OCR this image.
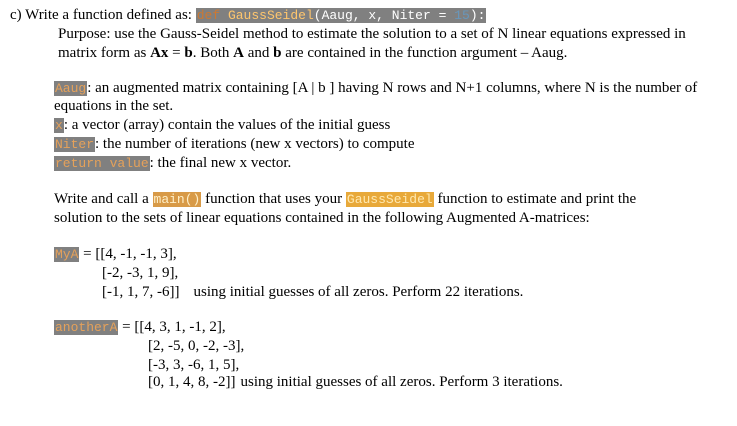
c) Write a function defined as: def GaussSeidel(Aaug, x, Niter = 15):
Purpose: use the Gauss-Seidel method to estimate the solution to a set of N linear equations expressed in
matrix form as Ax = b. Both A and b are contained in the function argument – Aaug.
Aaug: an augmented matrix containing [A | b ] having N rows and N+1 columns, where N is the number of
equations in the set.
x: a vector (array) contain the values of the initial guess
Niter: the number of iterations (new x vectors) to compute
return value: the final new x vector.
Write and call a main() function that uses your GaussSeidel function to estimate and print the
solution to the sets of linear equations contained in the following Augmented A-matrices:
MyA = [[4, -1, -1, 3],
[-2, -3, 1, 9],
[-1, 1, 7, -6]] using initial guesses of all zeros. Perform 22 iterations.
anotherA = [[4, 3, 1, -1, 2],
[2, -5, 0, -2, -3],
[-3, 3, -6, 1, 5],
[0, 1, 4, 8, -2]] using initial guesses of all zeros. Perform 3 iterations.
